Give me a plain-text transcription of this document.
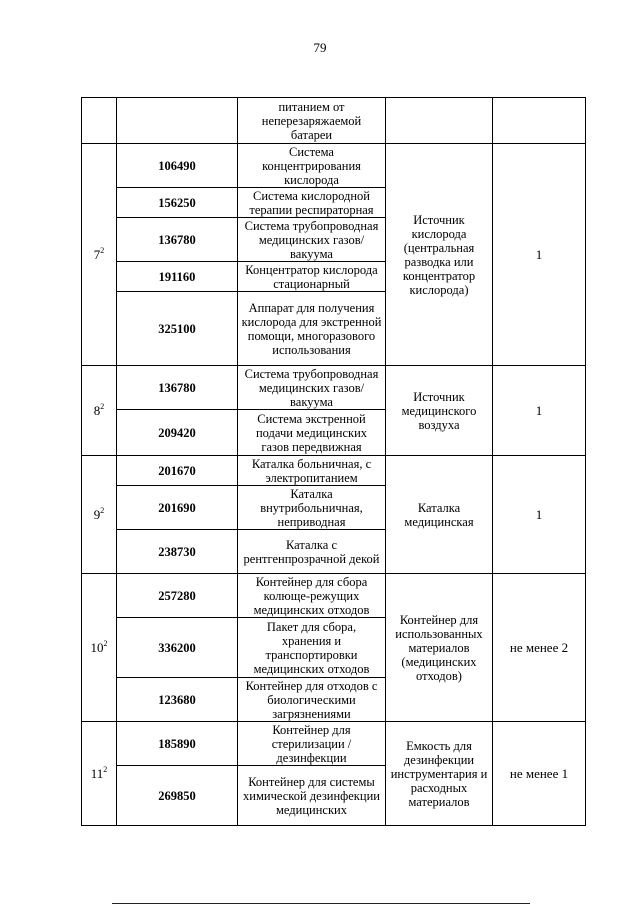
79
		питанием от неперезаряжаемой батареи		
$7^2$	106490	Система концентрирования кислорода	Источник кислорода (центральная разводка или концентратор кислорода)	1
	156250	Система кислородной терапии респираторная		
	136780	Система трубопроводная медицинских газов/вакуума		
	191160	Концентратор кислорода стационарный		
	325100	Аппарат для получения кислорода для экстренной помощи, многоразового использования		
$8^2$	136780	Система трубопроводная медицинских газов/вакуума	Источник медицинского воздуха	1
	209420	Система экстренной подачи медицинских газов передвижная		
$9^2$	201670	Каталка больничная, с электропитанием	Каталка медицинская	1
	201690	Каталка внутрибольничная, неприводная		
	238730	Каталка с рентгенпрозрачной декой		
$10^2$	257280	Контейнер для сбора колюще-режущих медицинских отходов	Контейнер для использованных материалов (медицинских отходов)	не менее 2
	336200	Пакет для сбора, хранения и транспортировки медицинских отходов		
	123680	Контейнер для отходов с биологическими загрязнениями		
$11^2$	185890	Контейнер для стерилизации /дезинфекции	Емкость для дезинфекции инструментария и расходных материалов	не менее 1
	269850	Контейнер для системы химической дезинфекции медицинских		
